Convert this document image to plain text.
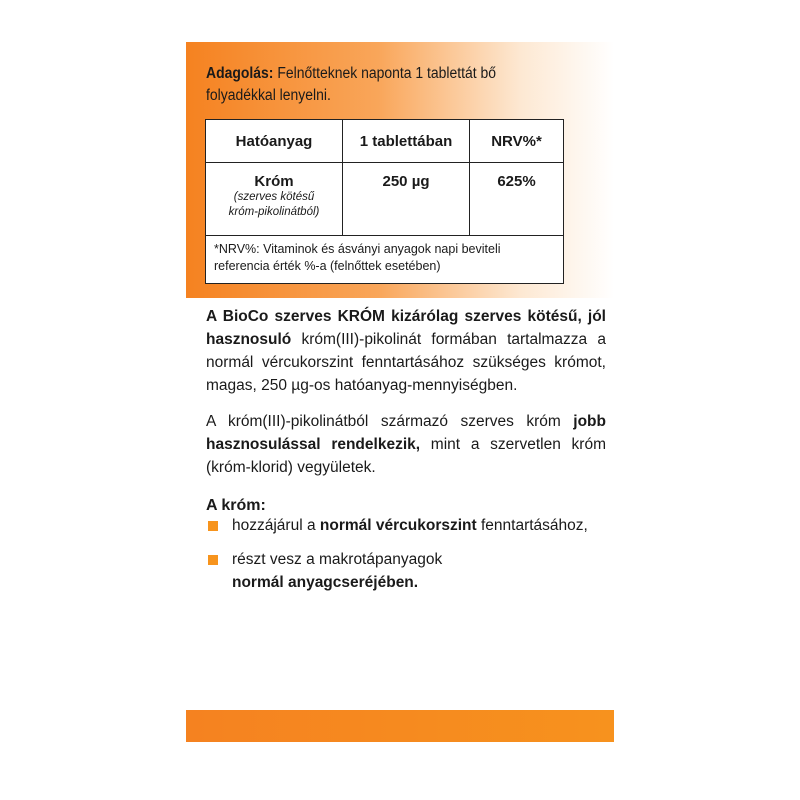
Adagolás: Felnőtteknek naponta 1 tablettát bő folyadékkal lenyelni.
Hatóanyag	1 tablettában	NRV%*

Króm
(szerves kötésű
króm-pikolinátból)	250 µg	625%

*NRV%: Vitaminok és ásványi anyagok napi beviteli referencia érték %-a (felnőttek esetében)		
A BioCo szerves KRÓM kizárólag szerves kötésű, jól hasznosuló króm(III)-pikolinát formában tartalmazza a normál vércukorszint fenntartásához szükséges krómot, magas, 250 µg-os hatóanyag-mennyiségben.
A króm(III)-pikolinátból származó szerves króm jobb hasznosulással rendelkezik, mint a szervetlen króm (króm-klorid) vegyületek.
A króm:
hozzájárul a normál vércukorszint fenntartásához,
részt vesz a makrotápanyagok
normál anyagcseréjében.
